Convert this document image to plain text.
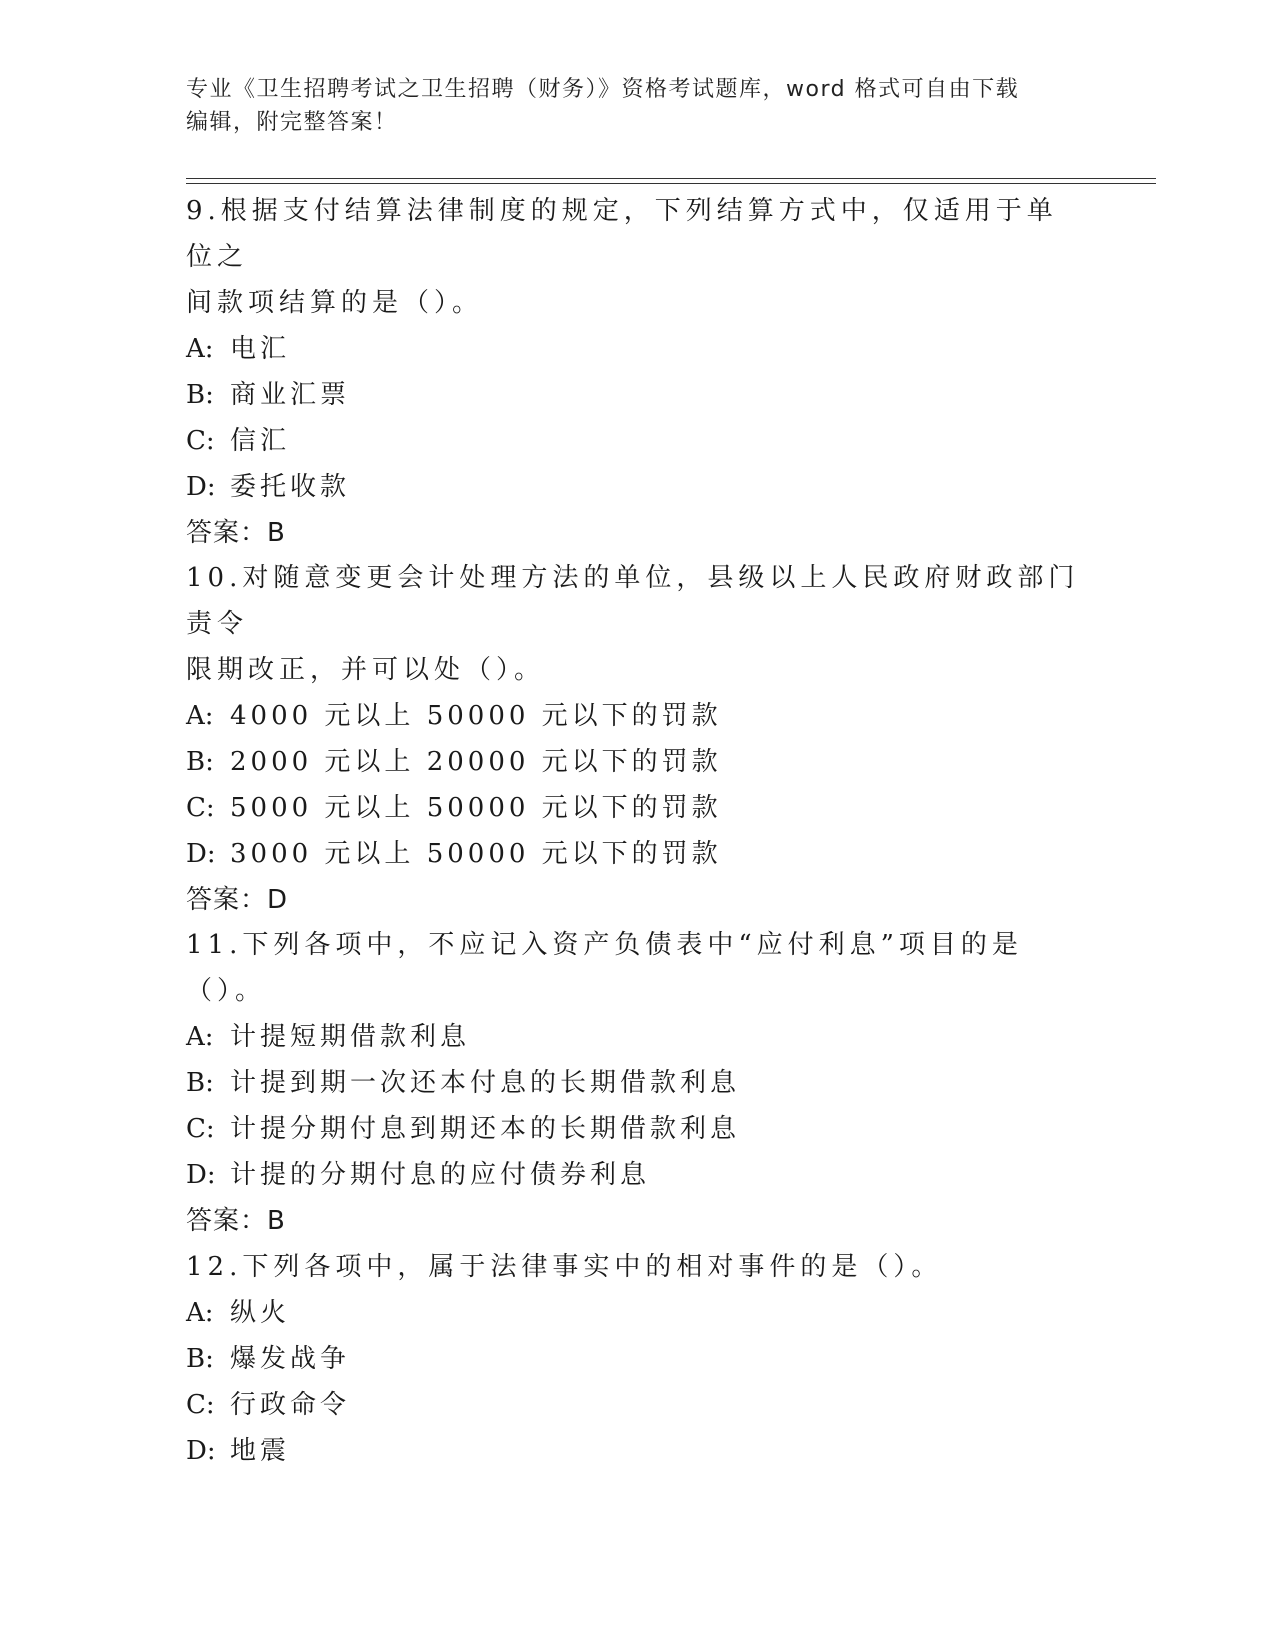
专业《卫生招聘考试之卫生招聘（财务）》资格考试题库，word 格式可自由下载
编辑，附完整答案！

9.根据支付结算法律制度的规定，下列结算方式中，仅适用于单位之

间款项结算的是（）。

A: 电汇

B: 商业汇票

C: 信汇

D: 委托收款

答案：B

10.对随意变更会计处理方法的单位，县级以上人民政府财政部门责令

限期改正，并可以处（）。

A: 4000 元以上 50000 元以下的罚款

B: 2000 元以上 20000 元以下的罚款

C: 5000 元以上 50000 元以下的罚款

D: 3000 元以上 50000 元以下的罚款

答案：D

11.下列各项中，不应记入资产负债表中“应付利息”项目的是（）。

A: 计提短期借款利息

B: 计提到期一次还本付息的长期借款利息

C: 计提分期付息到期还本的长期借款利息

D: 计提的分期付息的应付债券利息

答案：B

12.下列各项中，属于法律事实中的相对事件的是（）。

A: 纵火

B: 爆发战争

C: 行政命令

D: 地震
